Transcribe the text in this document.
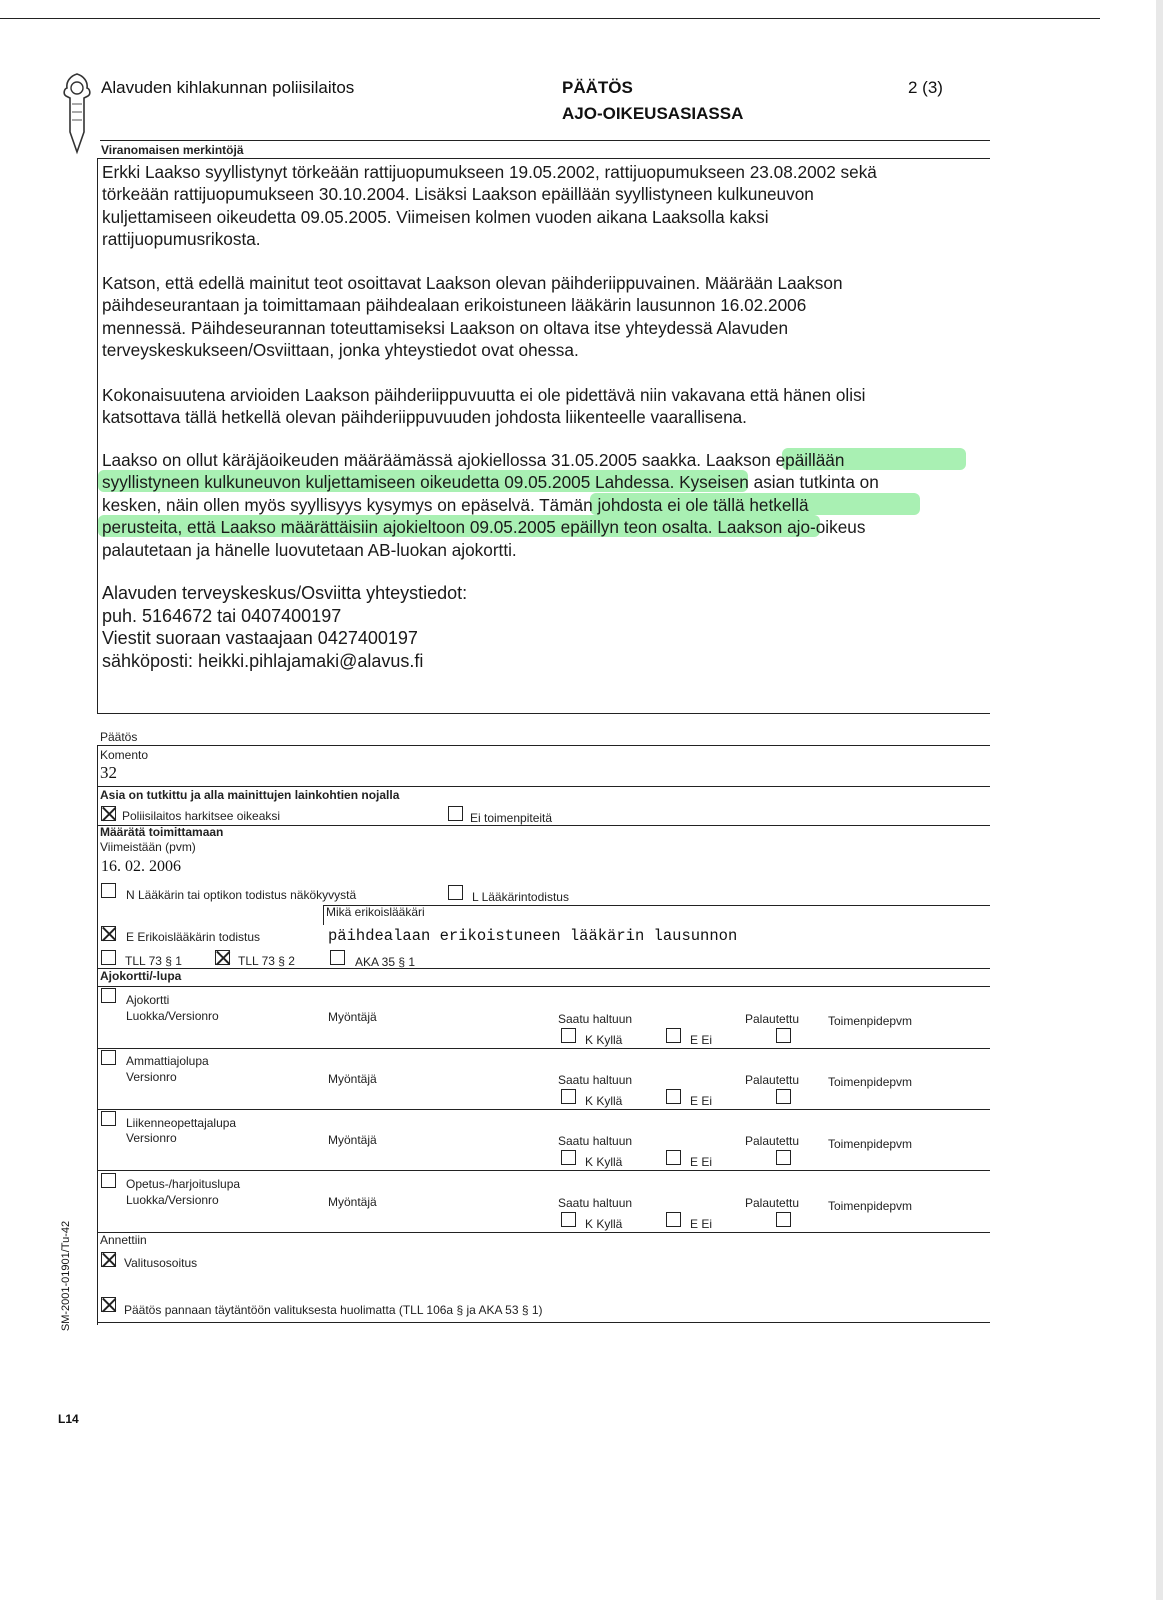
Alavuden kihlakunnan poliisilaitos	PÄÄTÖS
AJO-OIKEUSASIASSA
2 (3)
Viranomaisen merkintöjä
Erkki Laakso syyllistynyt törkeään rattijuopumukseen 19.05.2002, rattijuopumukseen 23.08.2002 sekä
törkeään rattijuopumukseen 30.10.2004. Lisäksi Laakson epäillään syyllistyneen kulkuneuvon
kuljettamiseen oikeudetta 09.05.2005. Viimeisen kolmen vuoden aikana Laaksolla kaksi
rattijuopumusrikosta.
Katson, että edellä mainitut teot osoittavat Laakson olevan päihderiippuvainen. Määrään Laakson
päihdeseurantaan ja toimittamaan päihdealaan erikoistuneen lääkärin lausunnon 16.02.2006
mennessä. Päihdeseurannan toteuttamiseksi Laakson on oltava itse yhteydessä Alavuden
terveyskeskukseen/Osviittaan, jonka yhteystiedot ovat ohessa.
Kokonaisuutena arvioiden Laakson päihderiippuvuutta ei ole pidettävä niin vakavana että hänen olisi
katsottava tällä hetkellä olevan päihderiippuvuuden johdosta liikenteelle vaarallisena.
Laakso on ollut käräjäoikeuden määräämässä ajokiellossa 31.05.2005 saakka. Laakson epäillään
syyllistyneen kulkuneuvon kuljettamiseen oikeudetta 09.05.2005 Lahdessa. Kyseisen asian tutkinta on
kesken, näin ollen myös syyllisyys kysymys on epäselvä. Tämän johdosta ei ole tällä hetkellä
perusteita, että Laakso määrättäisiin ajokieltoon 09.05.2005 epäillyn teon osalta. Laakson ajo-oikeus
palautetaan ja hänelle luovutetaan AB-luokan ajokortti.
Alavuden terveyskeskus/Osviitta yhteystiedot:
puh. 5164672 tai 0407400197
Viestit suoraan vastaajaan 0427400197
sähköposti: heikki.pihlajamaki@alavus.fi
Päätös
Komento
32
Asia on tutkittu ja alla mainittujen lainkohtien nojalla
Poliisilaitos harkitsee oikeaksi	Ei toimenpiteitä
Määrätä toimittamaan
Viimeistään (pvm)
16. 02. 2006
N Lääkärin tai optikon todistus näkökyvystä	L Lääkärintodistus
Mikä erikoislääkäri
E Erikoislääkärin todistus	päihdealaan erikoistuneen lääkärin lausunnon
TLL 73 § 1	TLL 73 § 2	AKA 35 § 1
Ajokortti/-lupa
Ajokortti
Luokka/Versionro	Myöntäjä	Saatu haltuun
K Kyllä	E Ei
Palautettu Toimenpidepvm
Ammattiajolupa
Versionro	Myöntäjä	Saatu haltuun
K Kyllä	E Ei
Palautettu Toimenpidepvm
Liikenneopettajalupa
Versionro	Myöntäjä	Saatu haltuun
K Kyllä	E Ei
Palautettu Toimenpidepvm
Opetus-/harjoituslupa
Luokka/Versionro	Myöntäjä	Saatu haltuun
K Kyllä	E Ei
Palautettu Toimenpidepvm
Annettiin
Valitusosoitus
Päätös pannaan täytäntöön valituksesta huolimatta (TLL 106a § ja AKA 53 § 1)
SM-2001-01901/Tu-42
L14
